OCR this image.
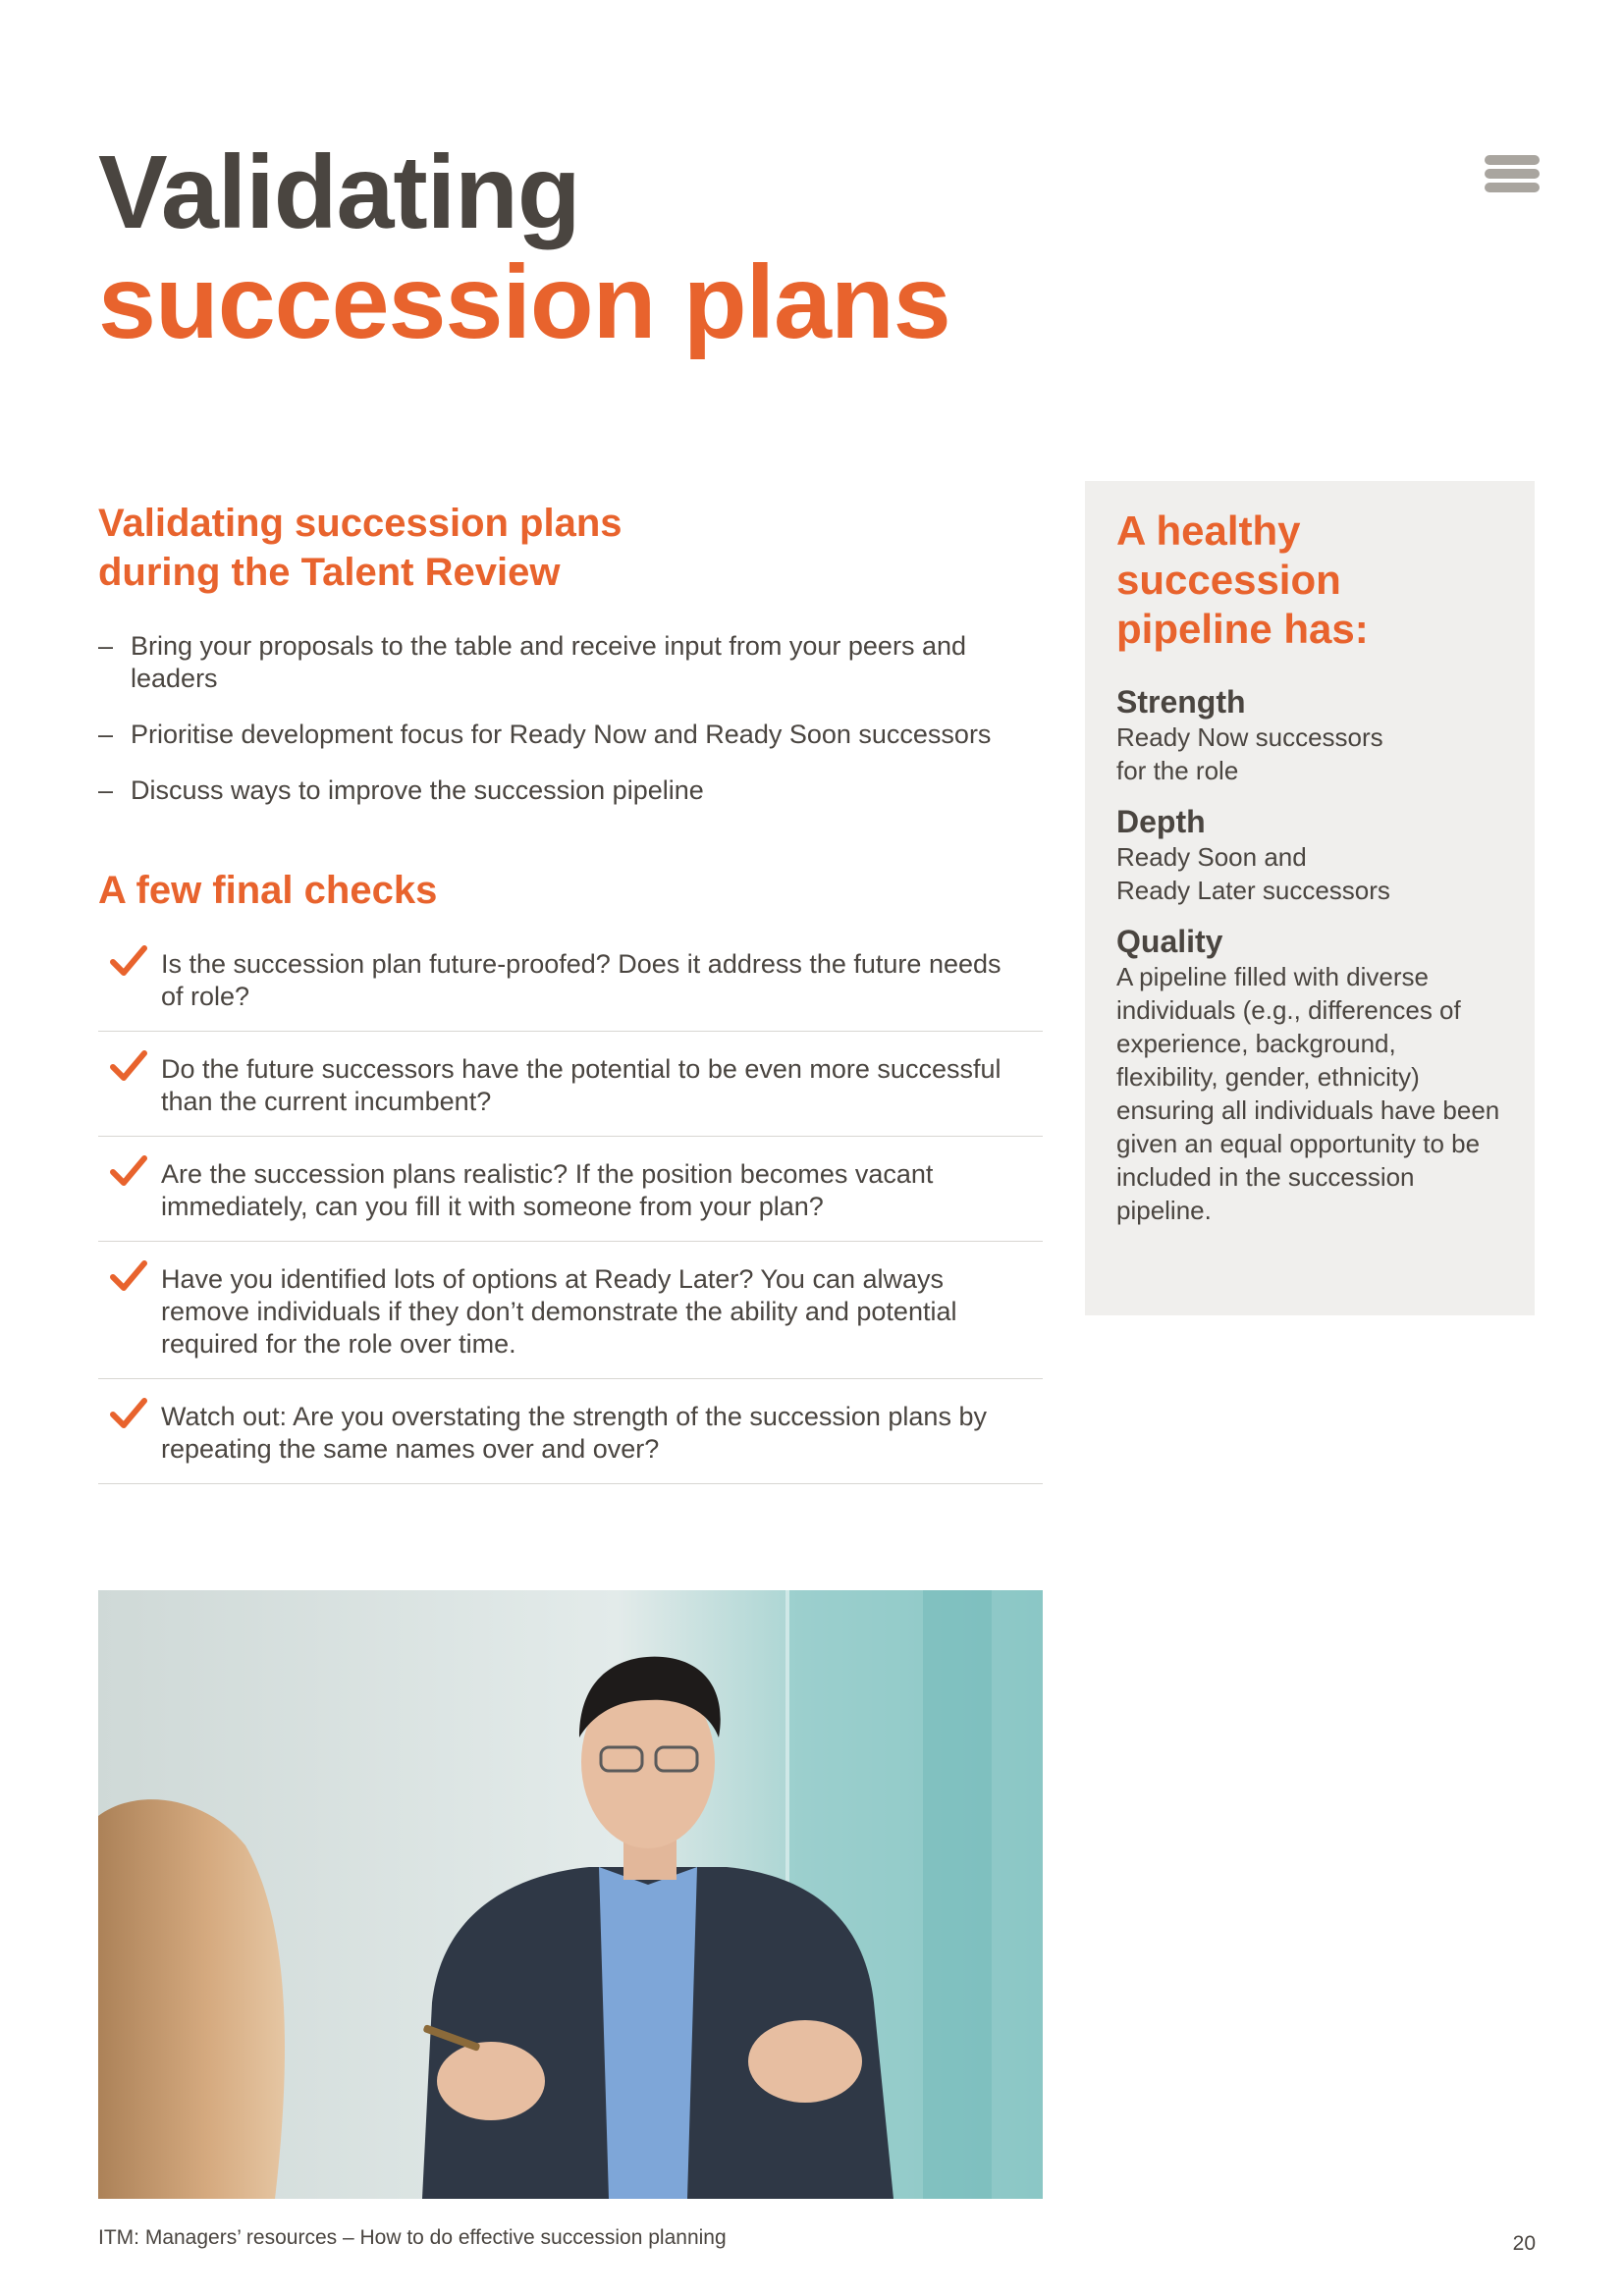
Validating
succession plans
Validating succession plans
during the Talent Review
– Bring your proposals to the table and receive input from your peers and leaders
– Prioritise development focus for Ready Now and Ready Soon successors
– Discuss ways to improve the succession pipeline
A few final checks
Is the succession plan future-proofed? Does it address the future needs of role?
Do the future successors have the potential to be even more successful than the current incumbent?
Are the succession plans realistic? If the position becomes vacant immediately, can you fill it with someone from your plan?
Have you identified lots of options at Ready Later? You can always remove individuals if they don’t demonstrate the ability and potential required for the role over time.
Watch out: Are you overstating the strength of the succession plans by repeating the same names over and over?
A healthy
succession
pipeline has:
Strength

Ready Now successors
for the role

Depth

Ready Soon and
Ready Later successors

Quality

A pipeline filled with diverse individuals (e.g., differences of experience, background, flexibility, gender, ethnicity) ensuring all individuals have been given an equal opportunity to be included in the succession pipeline.

ITM: Managers’ resources – How to do effective succession planning	20
